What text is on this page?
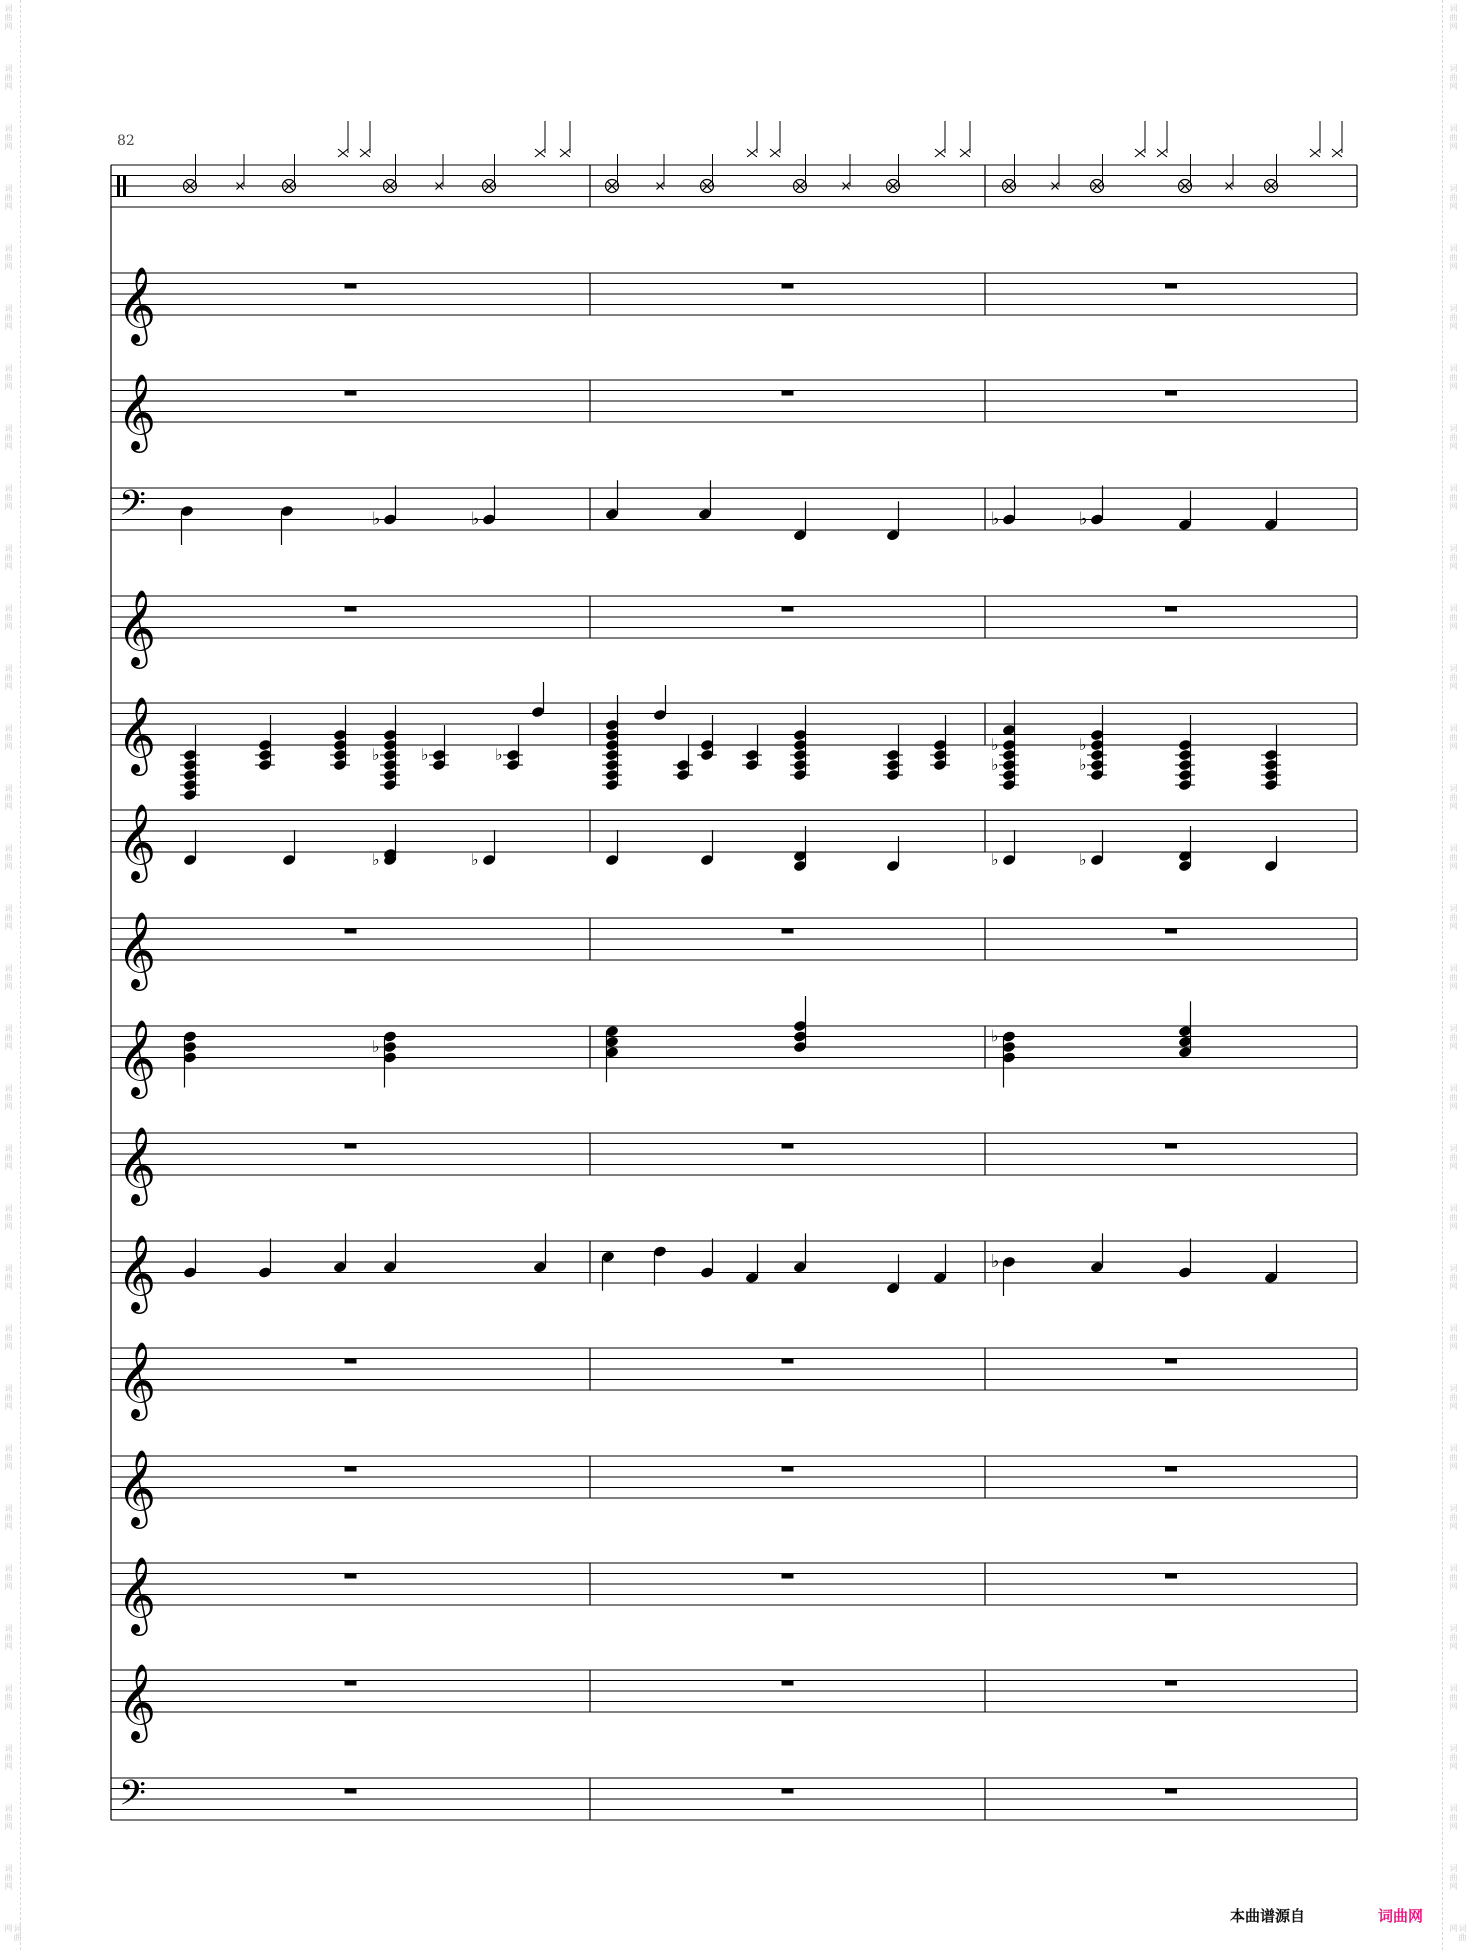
词曲网
词曲网
词曲网
词曲网
词曲网
词曲网
词曲网
词曲网
词曲网
词曲网
词曲网
词曲网
词曲网
词曲网
词曲网
词曲网
词曲网
词曲网
词曲网
词曲网
词曲网
词曲网
词曲网
词曲网
词曲网
词曲网
词曲网
词曲网
词曲网
词曲网
词曲网
词曲网
词曲网
词曲网
词曲网
词曲网
词曲网
词曲网
词曲网
词曲网
词曲网
词曲网
词曲网
词曲网
词曲网
词曲网
词曲网
词曲网
词曲网
词曲网
词曲网
词曲网
词曲网
词曲网
词曲网
词曲网
词曲网
词曲网
词曲网
词曲网
词曲网
词曲网
词曲网
词曲网
词曲网
词曲网
82
𝄞
𝄞
𝄢
𝄞
𝄞
𝄞
𝄞
𝄞
𝄞
𝄞
𝄞
𝄞
𝄞
𝄞
𝄢
♭	♭	♭	♭
♭	♭	♭
♭
♭
♭
♭
♭	♭	♭	♭
♭
♭
♭
本曲谱源自	词曲网
